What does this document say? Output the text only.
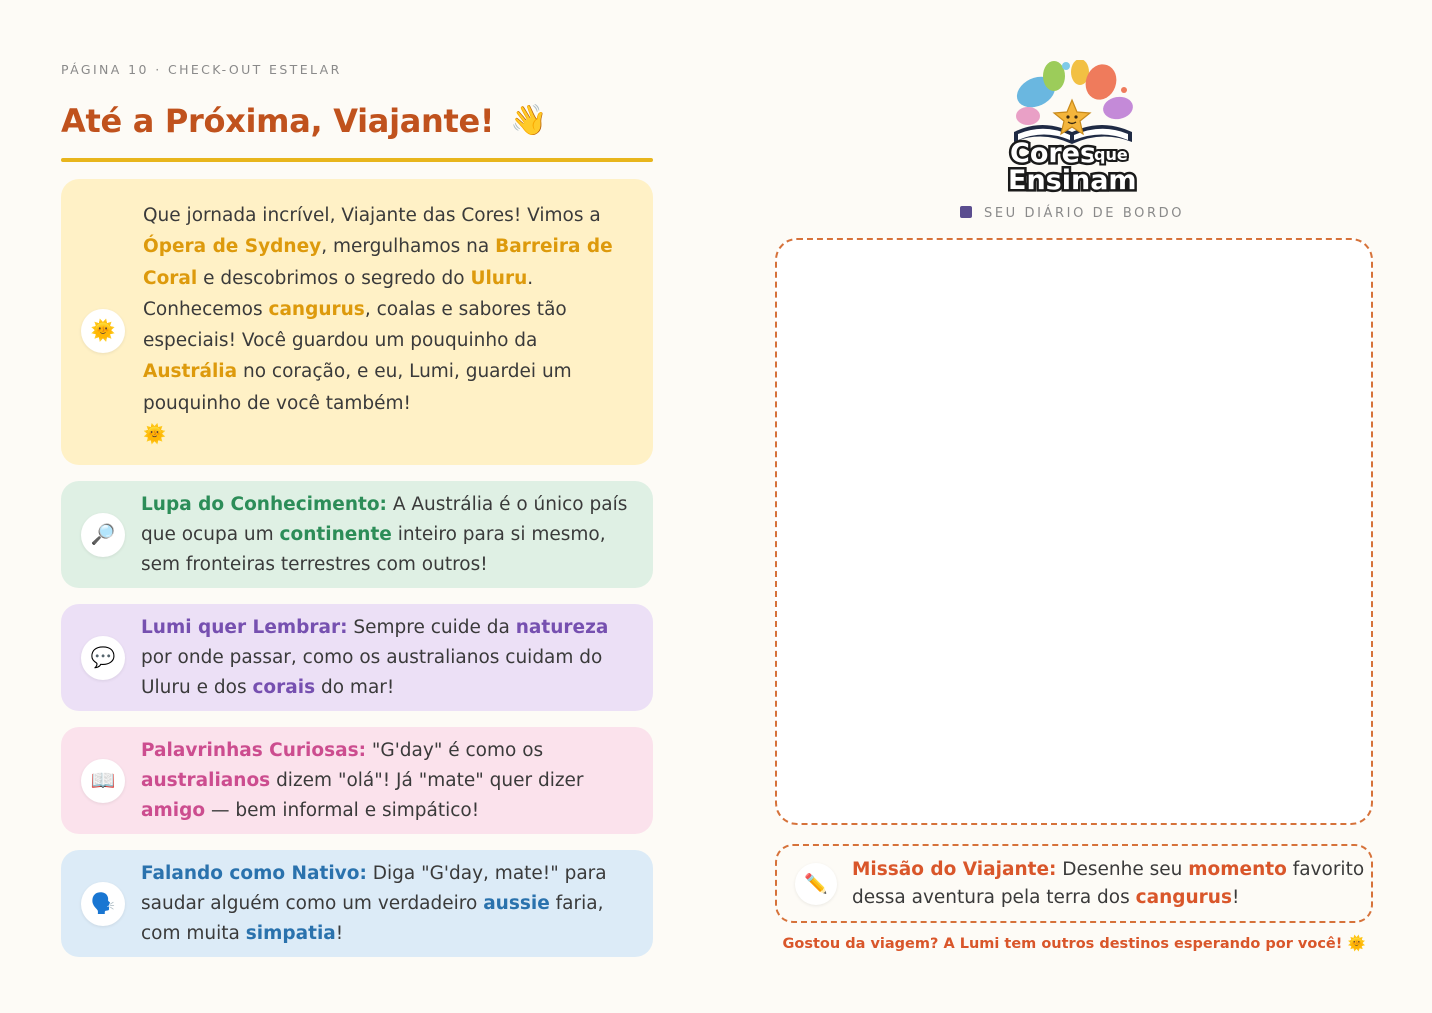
PÁGINA 10 · CHECK-OUT ESTELAR
Até a Próxima, Viajante! 👋
🌞

Que jornada incrível, Viajante das Cores! Vimos a Ópera de Sydney, mergulhamos na Barreira de Coral e descobrimos o segredo do Uluru. Conhecemos cangurus, coalas e sabores tão especiais! Você guardou um pouquinho da Austrália no coração, e eu, Lumi, guardei um pouquinho de você também!
🌞

🔎

Lupa do Conhecimento: A Austrália é o único país que ocupa um continente inteiro para si mesmo, sem fronteiras terrestres com outros!

💬

Lumi quer Lembrar: Sempre cuide da natureza por onde passar, como os australianos cuidam do Uluru e dos corais do mar!

📖

Palavrinhas Curiosas: "G'day" é como os australianos dizem "olá"! Já "mate" quer dizer amigo — bem informal e simpático!

🗣️

Falando como Nativo: Diga "G'day, mate!" para saudar alguém como um verdadeiro aussie faria, com muita simpatia!

Cores
que
Ensinam
SEU DIÁRIO DE BORDO
✏️

Missão do Viajante: Desenhe seu momento favorito dessa aventura pela terra dos cangurus!

Gostou da viagem? A Lumi tem outros destinos esperando por você! 🌞
